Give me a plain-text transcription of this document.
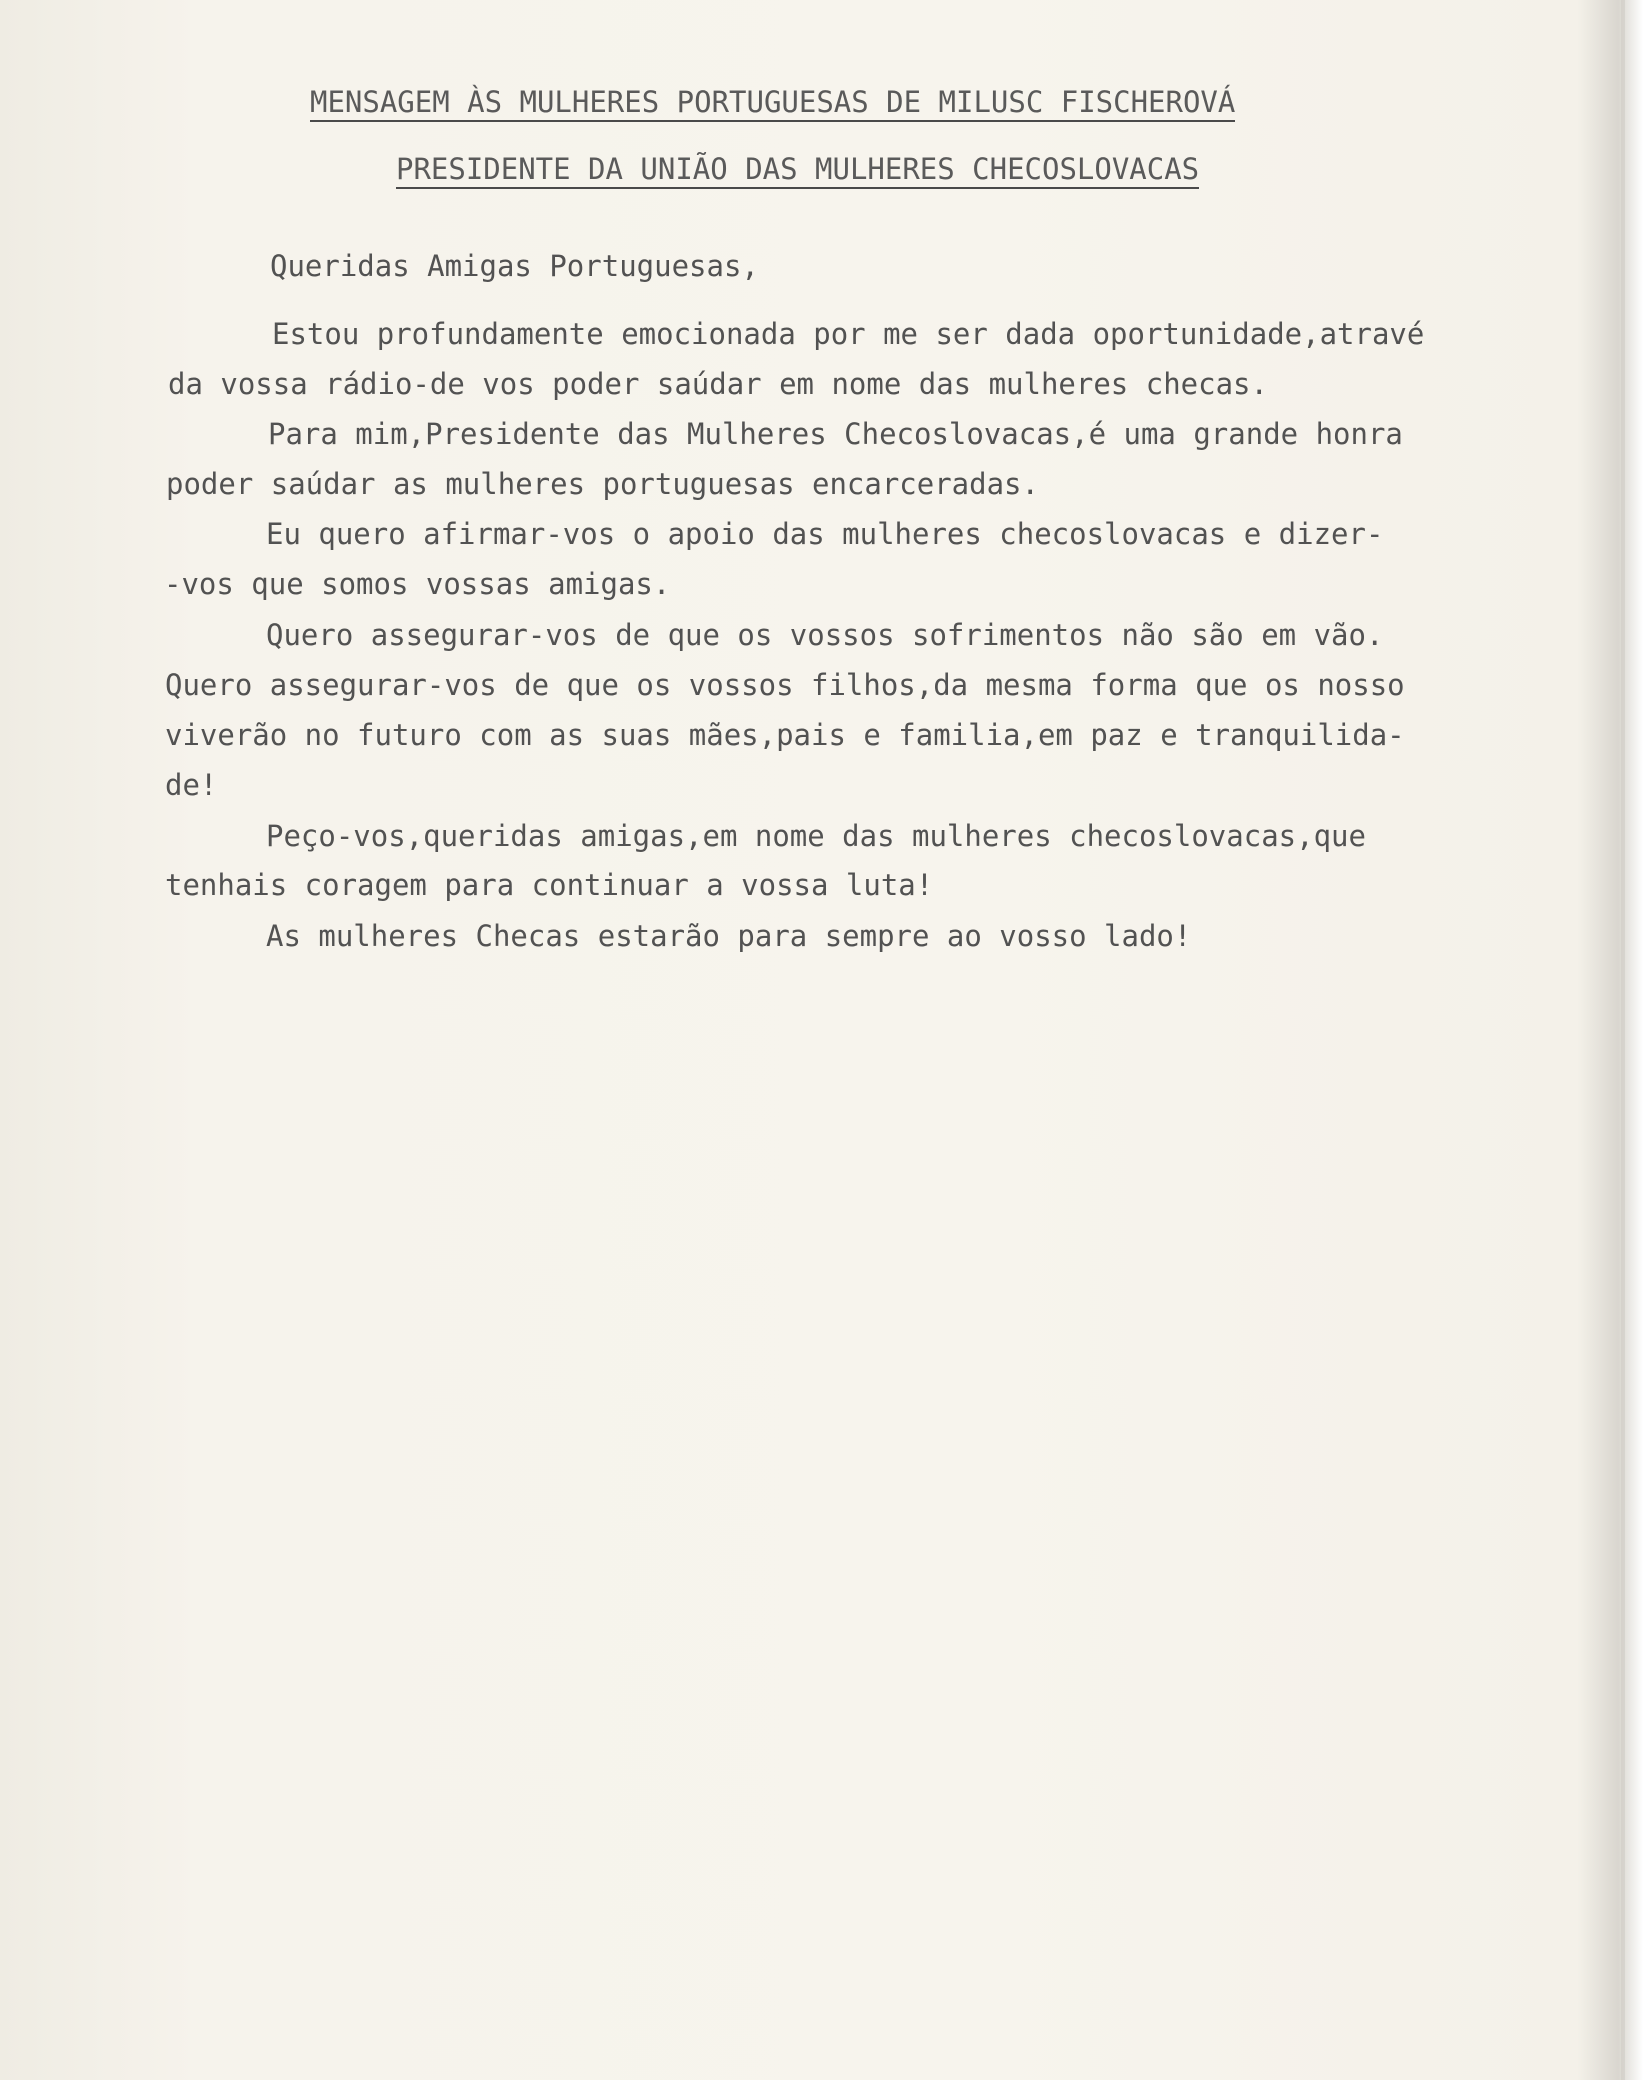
MENSAGEM ÀS MULHERES PORTUGUESAS DE MILUSC FISCHEROVÁ
PRESIDENTE DA UNIÃO DAS MULHERES CHECOSLOVACAS
Queridas Amigas Portuguesas,
Estou profundamente emocionada por me ser dada oportunidade,atravé
da vossa rádio-de vos poder saúdar em nome das mulheres checas.
Para mim,Presidente das Mulheres Checoslovacas,é uma grande honra
poder saúdar as mulheres portuguesas encarceradas.
Eu quero afirmar-vos o apoio das mulheres checoslovacas e dizer-
-vos que somos vossas amigas.
Quero assegurar-vos de que os vossos sofrimentos não são em vão.
Quero assegurar-vos de que os vossos filhos,da mesma forma que os nosso
viverão no futuro com as suas mães,pais e familia,em paz e tranquilida-
de!
Peço-vos,queridas amigas,em nome das mulheres checoslovacas,que
tenhais coragem para continuar a vossa luta!
As mulheres Checas estarão para sempre ao vosso lado!
